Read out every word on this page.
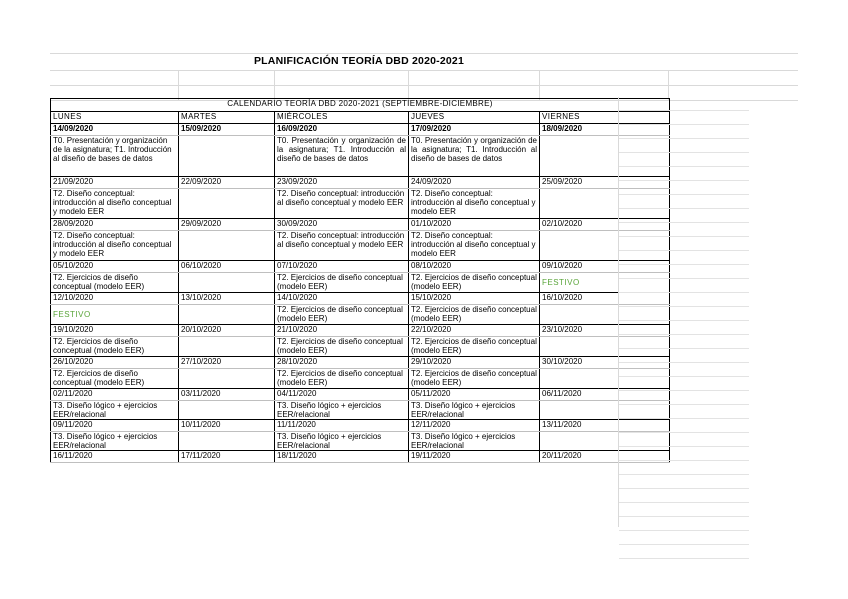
PLANIFICACIÓN TEORÍA DBD 2020-2021
CALENDARIO TEORÍA DBD 2020-2021 (SEPTIEMBRE-DICIEMBRE)				
LUNES	MARTES	MIÉRCOLES	JUEVES	VIERNES
14/09/2020	15/09/2020	16/09/2020	17/09/2020	18/09/2020
T0. Presentación y organización de la asignatura; T1. Introducción al diseño de bases de datos		T0. Presentación y organización de la asignatura; T1. Introducción al diseño de bases de datos	T0. Presentación y organización de la asignatura; T1. Introducción al diseño de bases de datos	
21/09/2020	22/09/2020	23/09/2020	24/09/2020	25/09/2020
T2. Diseño conceptual: introducción al diseño conceptual y modelo EER		T2. Diseño conceptual: introducción al diseño conceptual y modelo EER	T2. Diseño conceptual: introducción al diseño conceptual y modelo EER	
28/09/2020	29/09/2020	30/09/2020	01/10/2020	02/10/2020
T2. Diseño conceptual: introducción al diseño conceptual y modelo EER		T2. Diseño conceptual: introducción al diseño conceptual y modelo EER	T2. Diseño conceptual: introducción al diseño conceptual y modelo EER	
05/10/2020	06/10/2020	07/10/2020	08/10/2020	09/10/2020
T2. Ejercicios de diseño conceptual (modelo EER)		T2. Ejercicios de diseño conceptual (modelo EER)	T2. Ejercicios de diseño conceptual (modelo EER)	FESTIVO
12/10/2020	13/10/2020	14/10/2020	15/10/2020	16/10/2020
FESTIVO		T2. Ejercicios de diseño conceptual (modelo EER)	T2. Ejercicios de diseño conceptual (modelo EER)	
19/10/2020	20/10/2020	21/10/2020	22/10/2020	23/10/2020
T2. Ejercicios de diseño conceptual (modelo EER)		T2. Ejercicios de diseño conceptual (modelo EER)	T2. Ejercicios de diseño conceptual (modelo EER)	
26/10/2020	27/10/2020	28/10/2020	29/10/2020	30/10/2020
T2. Ejercicios de diseño conceptual (modelo EER)		T2. Ejercicios de diseño conceptual (modelo EER)	T2. Ejercicios de diseño conceptual (modelo EER)	
02/11/2020	03/11/2020	04/11/2020	05/11/2020	06/11/2020
T3. Diseño lógico + ejercicios EER/relacional		T3. Diseño lógico + ejercicios EER/relacional	T3. Diseño lógico + ejercicios EER/relacional	
09/11/2020	10/11/2020	11/11/2020	12/11/2020	13/11/2020
T3. Diseño lógico + ejercicios EER/relacional		T3. Diseño lógico + ejercicios EER/relacional	T3. Diseño lógico + ejercicios EER/relacional	
16/11/2020	17/11/2020	18/11/2020	19/11/2020	20/11/2020
